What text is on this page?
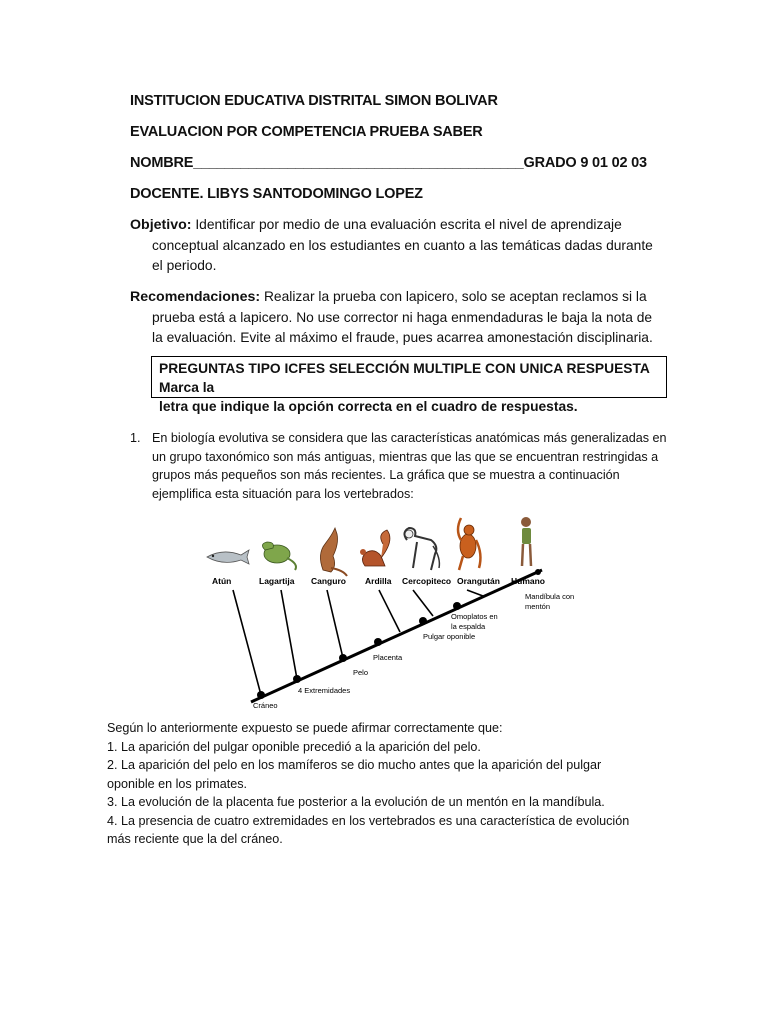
INSTITUCION EDUCATIVA DISTRITAL SIMON BOLIVAR
EVALUACION POR COMPETENCIA PRUEBA SABER
NOMBRE__________________________________________GRADO 9 01 02 03
DOCENTE. LIBYS SANTODOMINGO LOPEZ
Objetivo: Identificar por medio de una evaluación escrita el nivel de aprendizaje
conceptual alcanzado en los estudiantes en cuanto a las temáticas dadas durante
el periodo.
Recomendaciones: Realizar la prueba con lapicero, solo se aceptan reclamos si la
prueba está a lapicero. No use corrector ni haga enmendaduras le baja la nota de
la evaluación. Evite al máximo el fraude, pues acarrea amonestación disciplinaria.
PREGUNTAS TIPO ICFES SELECCIÓN MULTIPLE CON UNICA RESPUESTA Marca la
letra que indique la opción correcta en el cuadro de respuestas.
1. En biología evolutiva se considera que las características anatómicas más generalizadas en
un grupo taxonómico son más antiguas, mientras que las que se encuentran restringidas a
grupos más pequeños son más recientes. La gráfica que se muestra a continuación
ejemplifica esta situación para los vertebrados:
Atún	Lagartija Canguro Ardilla Cercopiteco Orangután Humano
Cráneo
4 Extremidades
Pelo
Placenta
Pulgar oponible
Omoplatos en
la espalda
Mandíbula con
mentón
Según lo anteriormente expuesto se puede afirmar correctamente que:
1. La aparición del pulgar oponible precedió a la aparición del pelo.
2. La aparición del pelo en los mamíferos se dio mucho antes que la aparición del pulgar
oponible en los primates.
3. La evolución de la placenta fue posterior a la evolución de un mentón en la mandíbula.
4. La presencia de cuatro extremidades en los vertebrados es una característica de evolución
más reciente que la del cráneo.
